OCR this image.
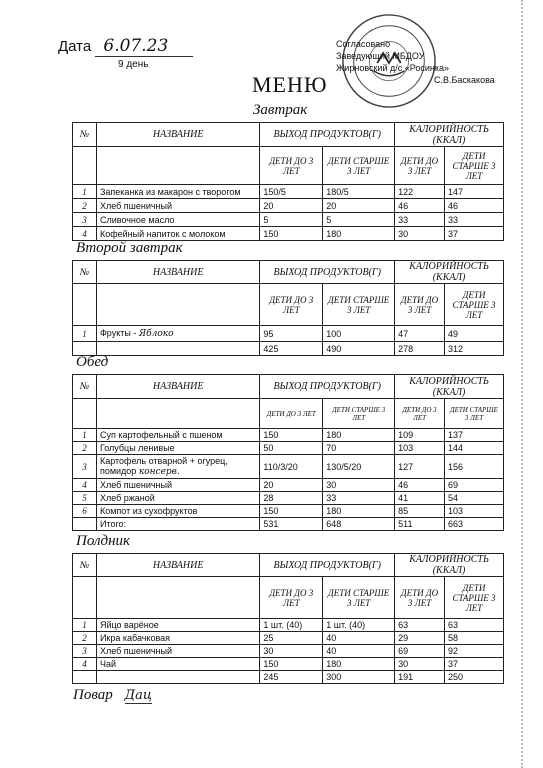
Дата 6.07.23
9 день
МЕНЮ
Согласовано
Заведующий МБДОУ
Жирновский д/с «Росинка»
С.В.Баскакова
Завтрак
№	НАЗВАНИЕ	ВЫХОД ПРОДУКТОВ(Г)		КАЛОРИЙНОСТЬ (ККАЛ)	
		ДЕТИ ДО 3 ЛЕТ	ДЕТИ СТАРШЕ 3 ЛЕТ	ДЕТИ ДО 3 ЛЕТ	ДЕТИ СТАРШЕ 3 ЛЕТ
1	Запеканка из макарон с творогом	150/5	180/5	122	147
2	Хлеб пшеничный	20	20	46	46
3	Сливочное масло	5	5	33	33
4	Кофейный напиток с молоком	150	180	30	37
Второй завтрак
№	НАЗВАНИЕ	ВЫХОД ПРОДУКТОВ(Г)		КАЛОРИЙНОСТЬ (ККАЛ)	
		ДЕТИ ДО 3 ЛЕТ	ДЕТИ СТАРШЕ 3 ЛЕТ	ДЕТИ ДО 3 ЛЕТ	ДЕТИ СТАРШЕ 3 ЛЕТ
1	Фрукты - Яблоко	95	100	47	49
		425	490	278	312
Обед
№	НАЗВАНИЕ	ВЫХОД ПРОДУКТОВ(Г)		КАЛОРИЙНОСТЬ (ККАЛ)	
		ДЕТИ ДО 3 ЛЕТ	ДЕТИ СТАРШЕ 3 ЛЕТ	ДЕТИ ДО 3 ЛЕТ	ДЕТИ СТАРШЕ 3 ЛЕТ
1	Суп картофельный с пшеном	150	180	109	137
2	Голубцы ленивые	50	70	103	144
3	Картофель отварной + огурец, помидор консерв.	110/3/20	130/5/20	127	156
4	Хлеб пшеничный	20	30	46	69
5	Хлеб ржаной	28	33	41	54
6	Компот из сухофруктов	150	180	85	103
	Итого:	531	648	511	663
Полдник
№	НАЗВАНИЕ	ВЫХОД ПРОДУКТОВ(Г)		КАЛОРИЙНОСТЬ (ККАЛ)	
		ДЕТИ ДО 3 ЛЕТ	ДЕТИ СТАРШЕ 3 ЛЕТ	ДЕТИ ДО 3 ЛЕТ	ДЕТИ СТАРШЕ 3 ЛЕТ
1	Яйцо варёное	1 шт. (40)	1 шт. (40)	63	63
2	Икра кабачковая	25	40	29	58
3	Хлеб пшеничный	30	40	69	92
4	Чай	150	180	30	37
		245	300	191	250
Повар Дац
